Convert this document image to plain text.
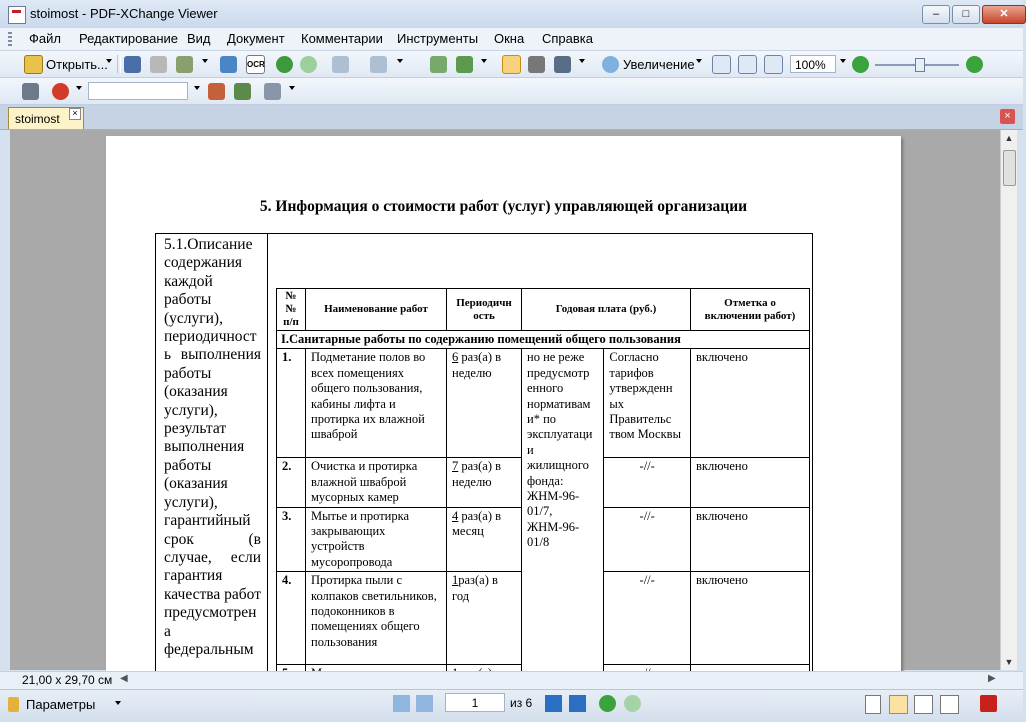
stoimost - PDF-XChange Viewer	‒	□	✕
Файл Редактирование Вид Документ Комментарии Инструменты Окна Справка
Открыть...	OCR	Увеличение	100%
stoimost	×	×
5. Информация о стоимости работ (услуг) управляющей организации

5.1.Описание содержания каждой работы (услуги), периодичност ь выполнения работы (оказания услуги), результат выполнения работы (оказания услуги), гарантийный срок (в случае, если гарантия качества работ предусмотрен а федеральным

№ № п/п	Наименование работ	Периодичн ость	Годовая плата (руб.)		Отметка о включении работ)
I.Санитарные работы по содержанию помещений общего пользования					
1.	Подметание полов во всех помещениях общего пользования, кабины лифта и протирка их влажной шваброй	6 раз(а) в неделю	но не реже предусмотр енного нормативам и* по эксплуатаци и жилищного фонда: ЖНМ-96-01/7, ЖНМ-96-01/8	Согласно тарифов утвержденн ых Правительс твом Москвы	включено
2.	Очистка и протирка влажной шваброй мусорных камер	7 раз(а) в неделю		-//-	включено
3.	Мытье и протирка закрывающих устройств мусоропровода	4 раз(а) в месяц		-//-	включено
4.	Протирка пыли с колпаков светильников, подоконников в помещениях общего пользования	1раз(а) в год		-//-	включено

▲
▼
21,00 x 29,70 см ◀	▶
Параметры	1	из 6
